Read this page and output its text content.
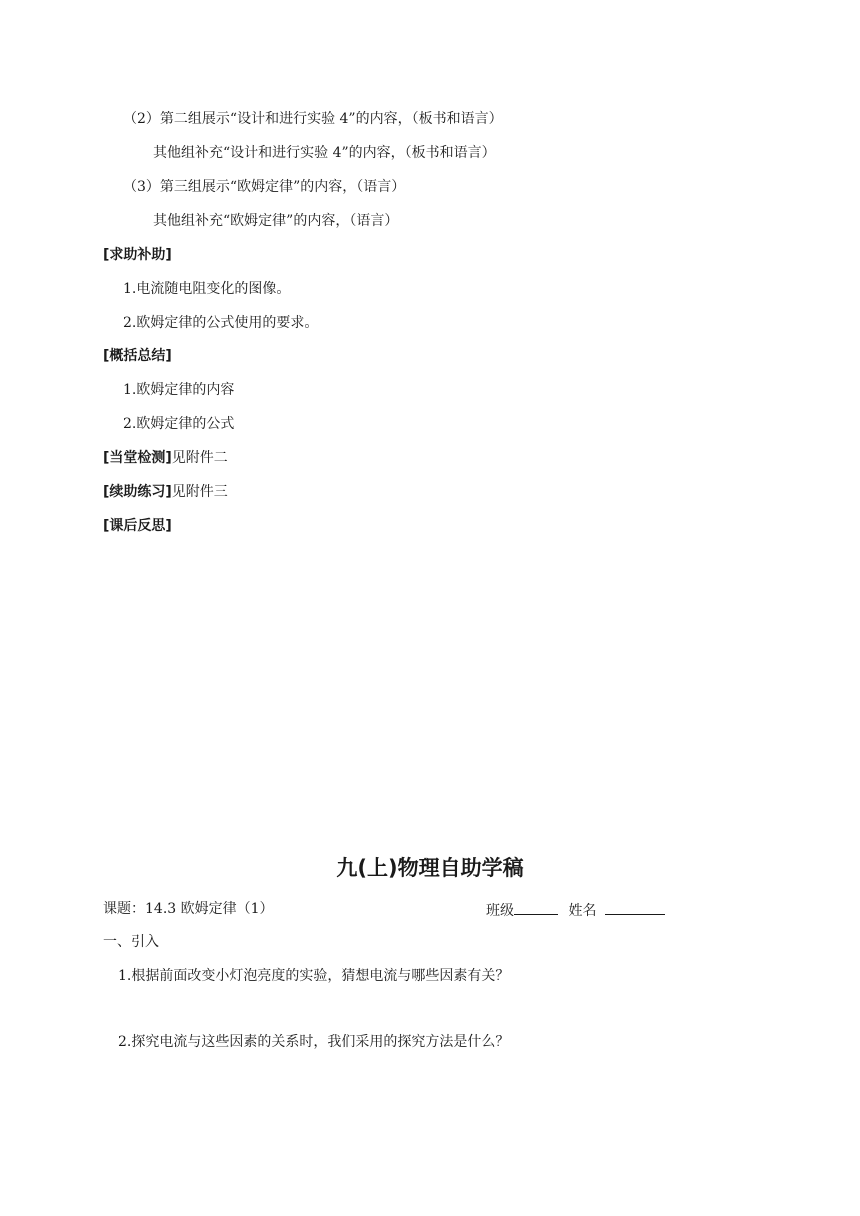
（2）第二组展示“设计和进行实验 4”的内容，（板书和语言）
其他组补充“设计和进行实验 4”的内容，（板书和语言）
（3）第三组展示“欧姆定律”的内容，（语言）
其他组补充“欧姆定律”的内容，（语言）
[求助补助]
1.电流随电阻变化的图像。
2.欧姆定律的公式使用的要求。
[概括总结]
1.欧姆定律的内容
2.欧姆定律的公式
[当堂检测]见附件二
[续助练习]见附件三
[课后反思]
九(上)物理自助学稿
课题：14.3 欧姆定律（1）	班级	姓名
一、引入
1.根据前面改变小灯泡亮度的实验，猜想电流与哪些因素有关？
2.探究电流与这些因素的关系时，我们采用的探究方法是什么？
